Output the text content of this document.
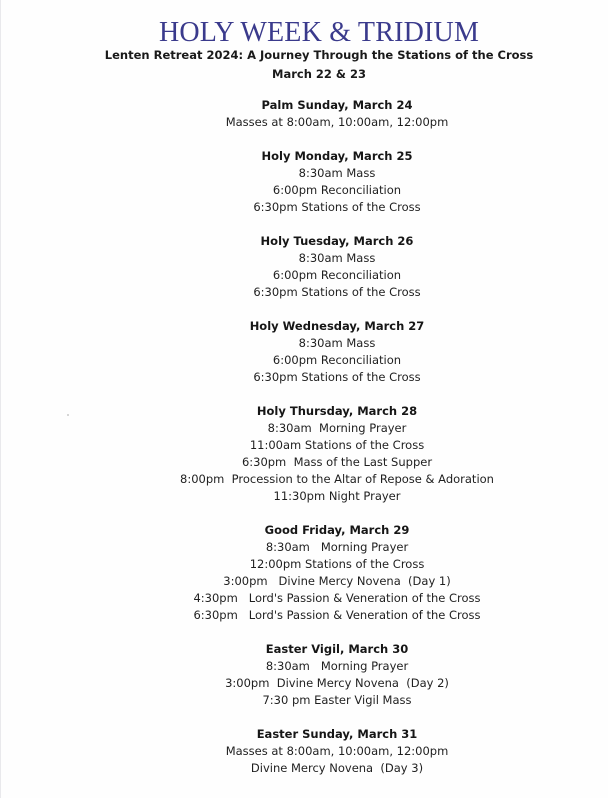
HOLY WEEK & TRIDIUM
Lenten Retreat 2024: A Journey Through the Stations of the Cross
March 22 & 23
Palm Sunday, March 24
Masses at 8:00am, 10:00am, 12:00pm
Holy Monday, March 25
8:30am Mass
6:00pm Reconciliation
6:30pm Stations of the Cross
Holy Tuesday, March 26
8:30am Mass
6:00pm Reconciliation
6:30pm Stations of the Cross
Holy Wednesday, March 27
8:30am Mass
6:00pm Reconciliation
6:30pm Stations of the Cross
Holy Thursday, March 28
8:30am  Morning Prayer
11:00am Stations of the Cross
6:30pm  Mass of the Last Supper
8:00pm  Procession to the Altar of Repose & Adoration
11:30pm Night Prayer
Good Friday, March 29
8:30am   Morning Prayer
12:00pm Stations of the Cross
3:00pm   Divine Mercy Novena  (Day 1)
4:30pm   Lord's Passion & Veneration of the Cross
6:30pm   Lord's Passion & Veneration of the Cross
Easter Vigil, March 30
8:30am   Morning Prayer
3:00pm  Divine Mercy Novena  (Day 2)
7:30 pm Easter Vigil Mass
Easter Sunday, March 31
Masses at 8:00am, 10:00am, 12:00pm
Divine Mercy Novena  (Day 3)
